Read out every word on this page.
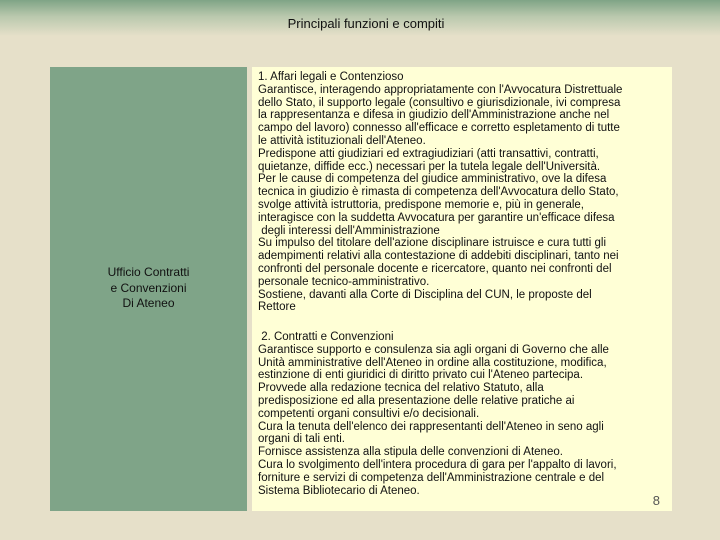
Principali funzioni e compiti
Ufficio Contratti
e Convenzioni
Di Ateneo
1. Affari legali e Contenzioso
Garantisce, interagendo appropriatamente con l'Avvocatura Distrettuale
dello Stato, il supporto legale (consultivo e giurisdizionale, ivi compresa
la rappresentanza e difesa in giudizio dell'Amministrazione anche nel
campo del lavoro) connesso all'efficace e corretto espletamento di tutte
le attività istituzionali dell'Ateneo.
Predispone atti giudiziari ed extragiudiziari (atti transattivi, contratti,
quietanze, diffide ecc.) necessari per la tutela legale dell'Università.
Per le cause di competenza del giudice amministrativo, ove la difesa
tecnica in giudizio è rimasta di competenza dell'Avvocatura dello Stato,
svolge attività istruttoria, predispone memorie e, più in generale,
interagisce con la suddetta Avvocatura per garantire un'efficace difesa
degli interessi dell'Amministrazione
Su impulso del titolare dell'azione disciplinare istruisce e cura tutti gli
adempimenti relativi alla contestazione di addebiti disciplinari, tanto nei
confronti del personale docente e ricercatore, quanto nei confronti del
personale tecnico-amministrativo.
Sostiene, davanti alla Corte di Disciplina del CUN, le proposte del
Rettore
2. Contratti e Convenzioni
Garantisce supporto e consulenza sia agli organi di Governo che alle
Unità amministrative dell'Ateneo in ordine alla costituzione, modifica,
estinzione di enti giuridici di diritto privato cui l'Ateneo partecipa.
Provvede alla redazione tecnica del relativo Statuto, alla
predisposizione ed alla presentazione delle relative pratiche ai
competenti organi consultivi e/o decisionali.
Cura la tenuta dell'elenco dei rappresentanti dell'Ateneo in seno agli
organi di tali enti.
Fornisce assistenza alla stipula delle convenzioni di Ateneo.
Cura lo svolgimento dell'intera procedura di gara per l'appalto di lavori,
forniture e servizi di competenza dell'Amministrazione centrale e del
Sistema Bibliotecario di Ateneo.
8
